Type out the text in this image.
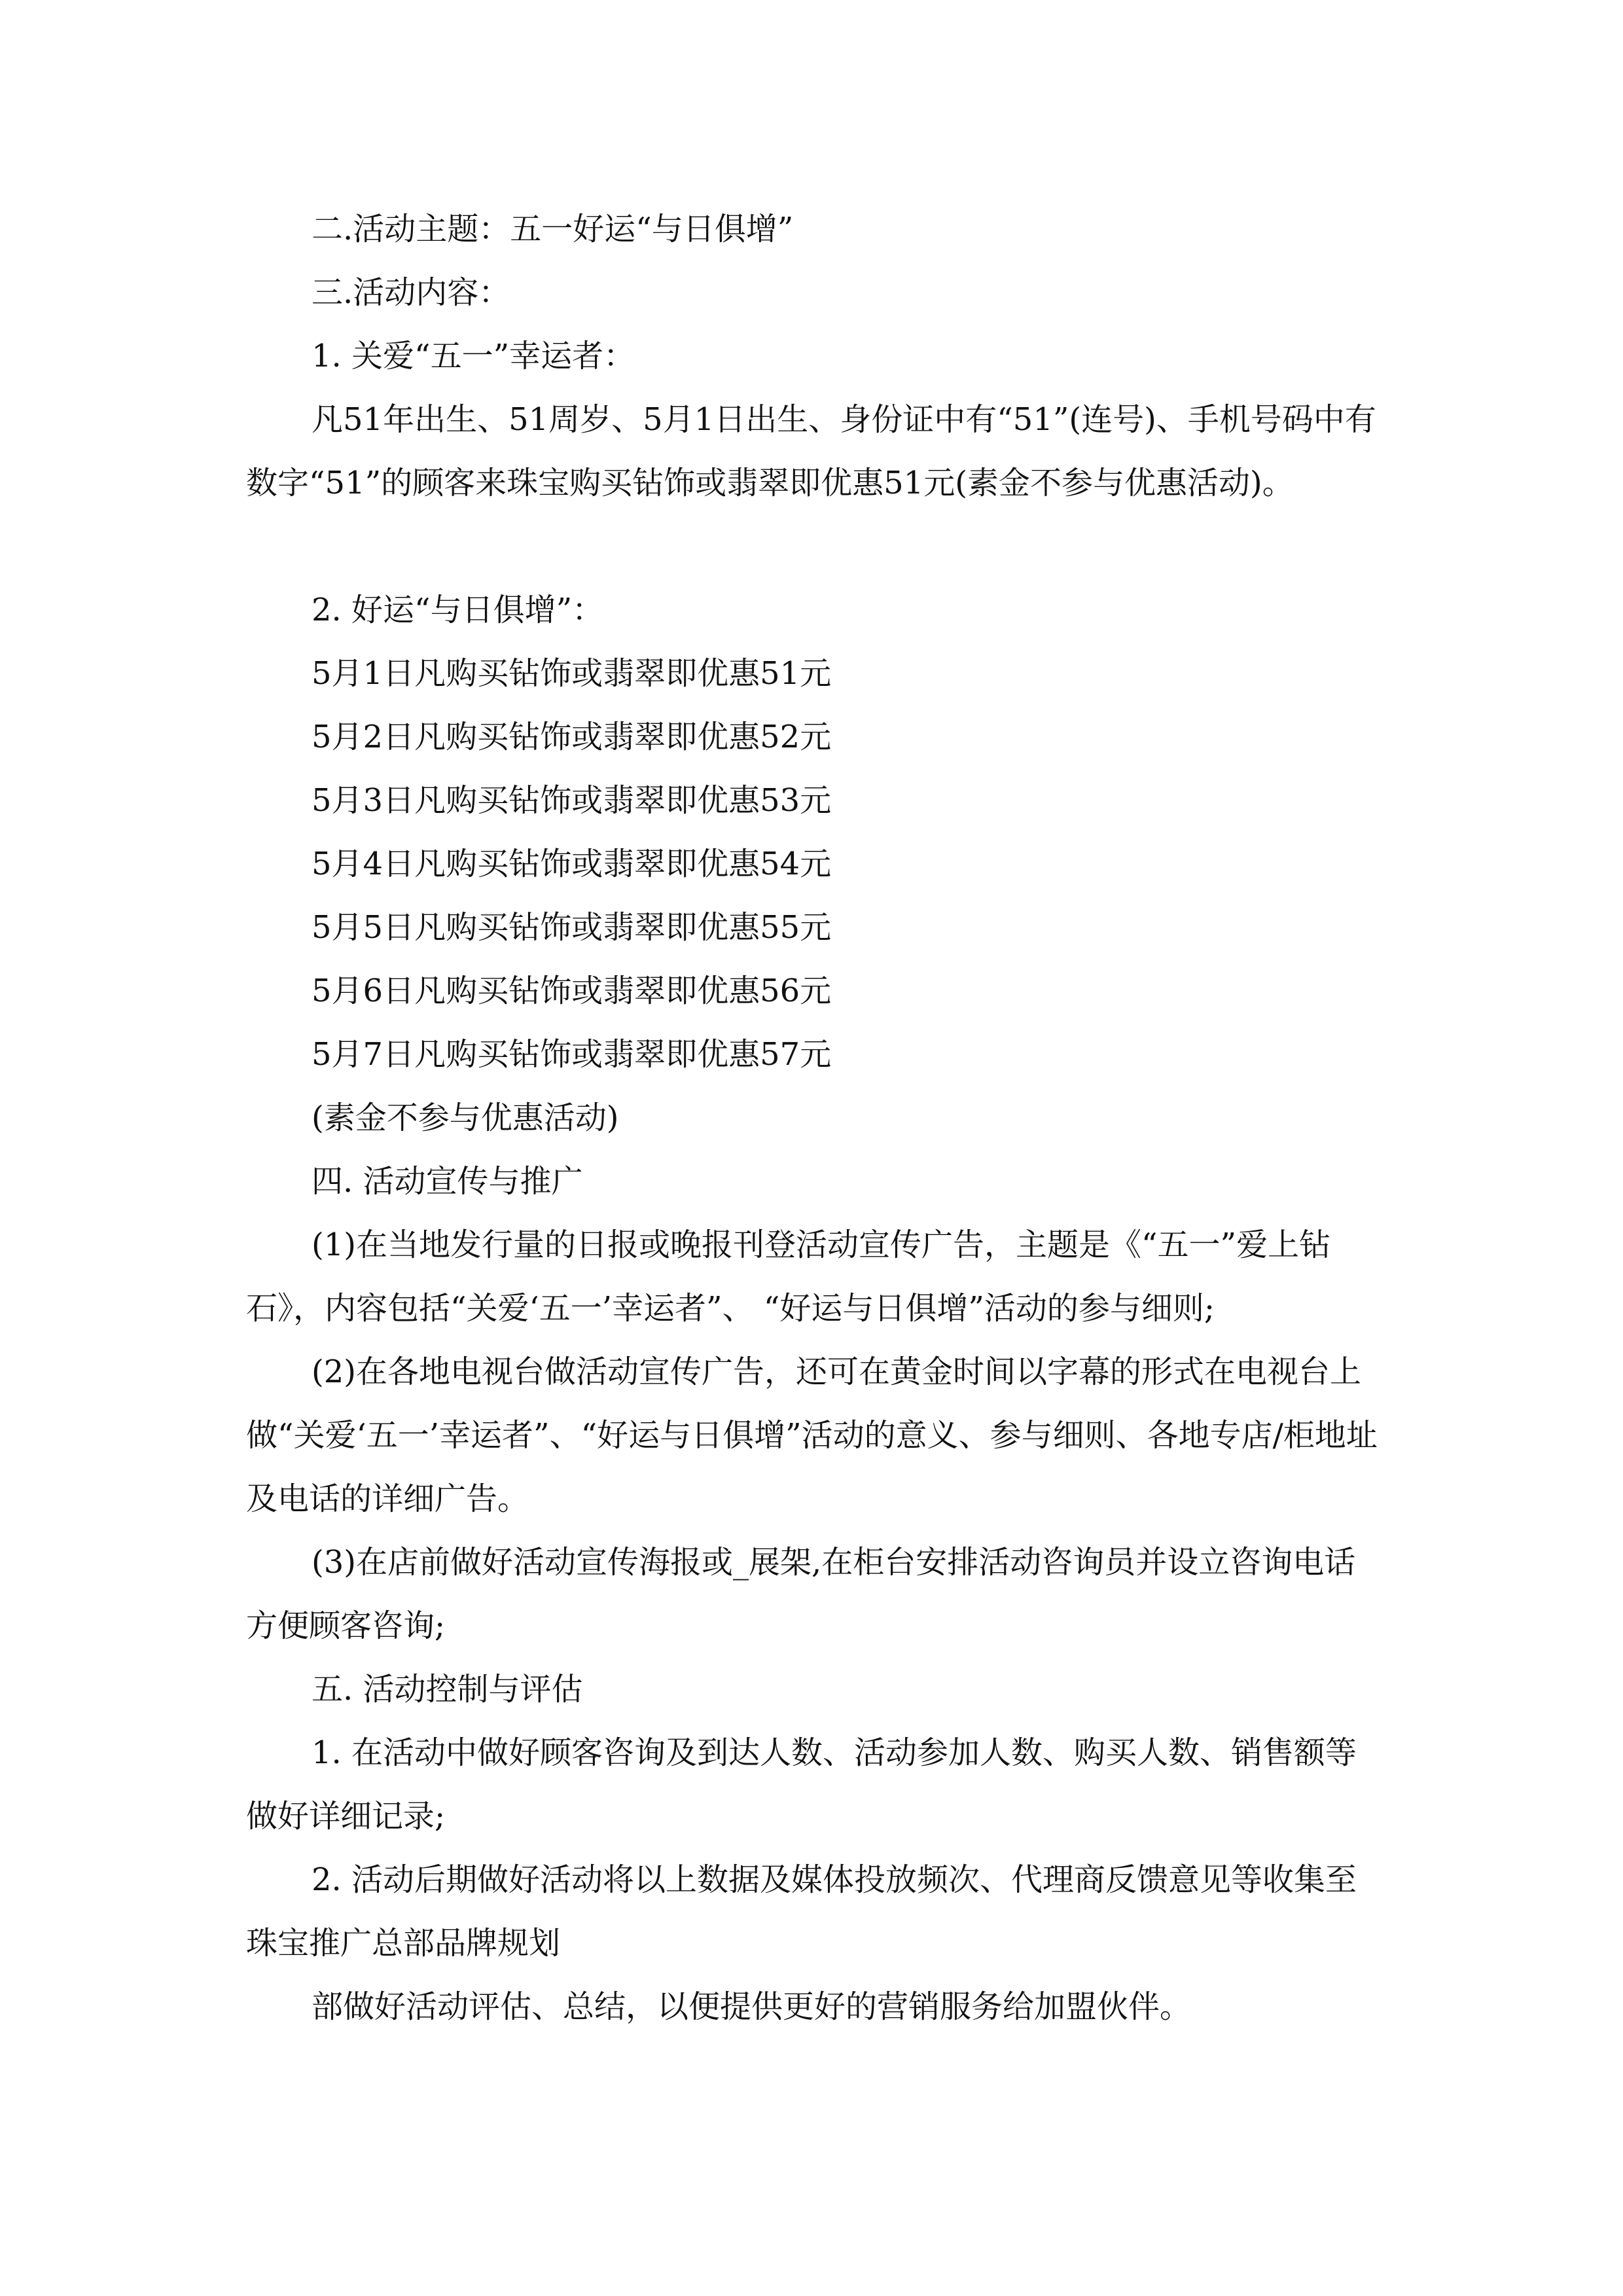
二.活动主题：五一好运“与日俱增”

三.活动内容：

1. 关爱“五一”幸运者：

凡51年出生、51周岁、5月1日出生、身份证中有“51”(连号)、手机号码中有数字“51”的顾客来珠宝购买钻饰或翡翠即优惠51元(素金不参与优惠活动)。

2. 好运“与日俱增”：

5月1日凡购买钻饰或翡翠即优惠51元

5月2日凡购买钻饰或翡翠即优惠52元

5月3日凡购买钻饰或翡翠即优惠53元

5月4日凡购买钻饰或翡翠即优惠54元

5月5日凡购买钻饰或翡翠即优惠55元

5月6日凡购买钻饰或翡翠即优惠56元

5月7日凡购买钻饰或翡翠即优惠57元

(素金不参与优惠活动)

四. 活动宣传与推广

(1)在当地发行量的日报或晚报刊登活动宣传广告，主题是《“五一”爱上钻石》，内容包括“关爱‘五一’幸运者”、 “好运与日俱增”活动的参与细则;

(2)在各地电视台做活动宣传广告，还可在黄金时间以字幕的形式在电视台上做“关爱‘五一’幸运者”、“好运与日俱增”活动的意义、参与细则、各地专店/柜地址及电话的详细广告。

(3)在店前做好活动宣传海报或_展架,在柜台安排活动咨询员并设立咨询电话方便顾客咨询;

五. 活动控制与评估

1. 在活动中做好顾客咨询及到达人数、活动参加人数、购买人数、销售额等做好详细记录;

2. 活动后期做好活动将以上数据及媒体投放频次、代理商反馈意见等收集至珠宝推广总部品牌规划

部做好活动评估、总结，以便提供更好的营销服务给加盟伙伴。
